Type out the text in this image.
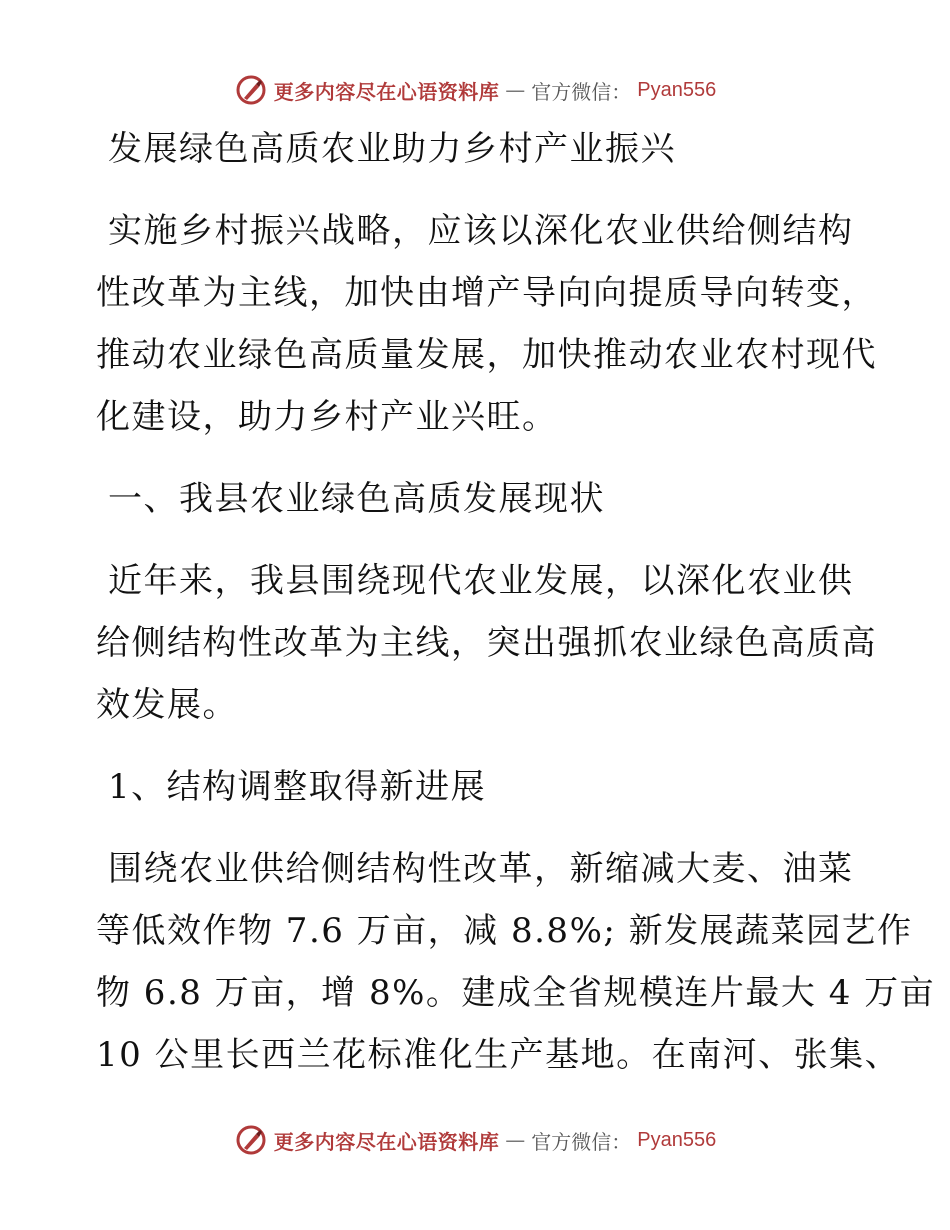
更多内容尽在心语资料库 — 官方微信： Pyan556
发展绿色高质农业助力乡村产业振兴
实施乡村振兴战略，应该以深化农业供给侧结构
性改革为主线，加快由增产导向向提质导向转变，
推动农业绿色高质量发展，加快推动农业农村现代
化建设，助力乡村产业兴旺。
一、我县农业绿色高质发展现状
近年来，我县围绕现代农业发展，以深化农业供
给侧结构性改革为主线，突出强抓农业绿色高质高
效发展。
1、结构调整取得新进展
围绕农业供给侧结构性改革，新缩减大麦、油菜
等低效作物 7.6 万亩，减 8.8%; 新发展蔬菜园艺作
物 6.8 万亩，增 8%。建成全省规模连片最大 4 万亩
10 公里长西兰花标准化生产基地。在南河、张集、
更多内容尽在心语资料库 — 官方微信： Pyan556
